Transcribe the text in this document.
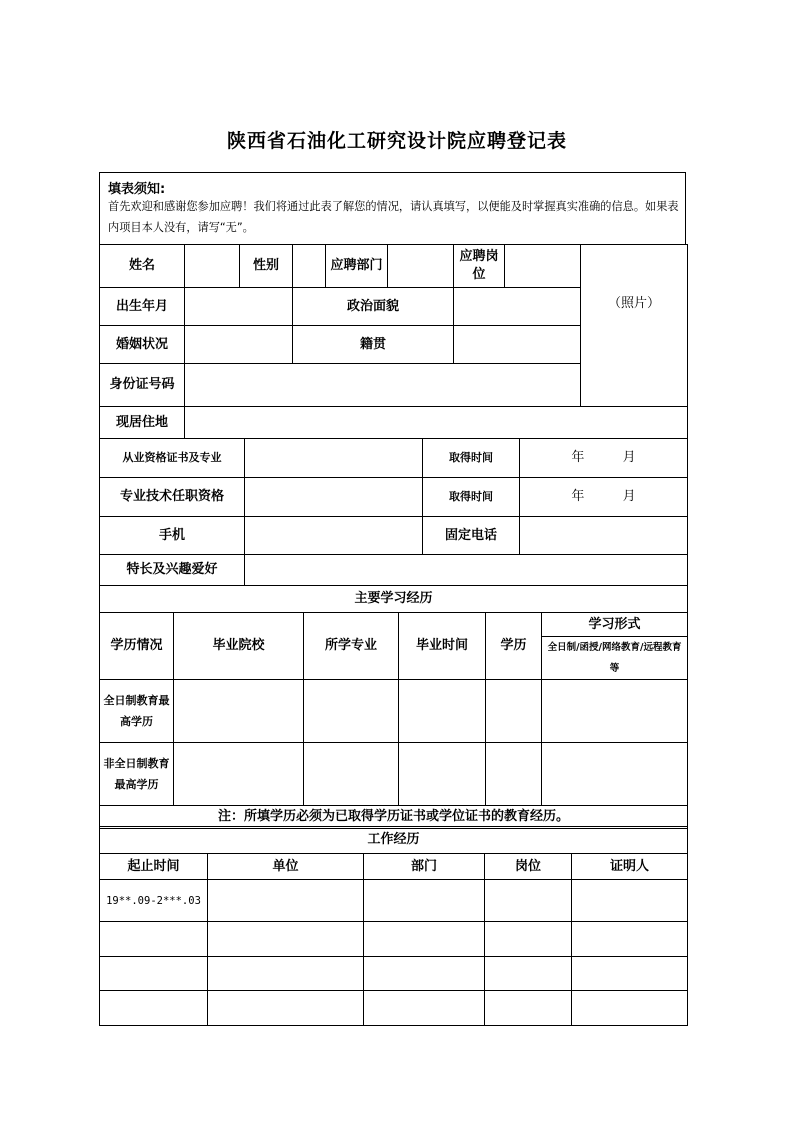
陕西省石油化工研究设计院应聘登记表
填表须知:
首先欢迎和感谢您参加应聘！我们将通过此表了解您的情况，请认真填写，以便能及时掌握真实准确的信息。如果表内项目本人没有，请写“无”。
姓名		性别		应聘部门		应聘岗位		（照片）
出生年月			政治面貌					
婚姻状况			籍贯					
身份证号码								
现居住地								
从业资格证书及专业		取得时间	年 月
专业技术任职资格		取得时间	年 月
手机		固定电话	
特长及兴趣爱好			
主要学习经历					
学历情况	毕业院校	所学专业	毕业时间	学历	学习形式
					全日制/函授/网络教育/远程教育等
全日制教育最高学历					
非全日制教育最高学历					
注：所填学历必须为已取得学历证书或学位证书的教育经历。					
工作经历				
起止时间	单位	部门	岗位	证明人
19**.09-2***.03				
